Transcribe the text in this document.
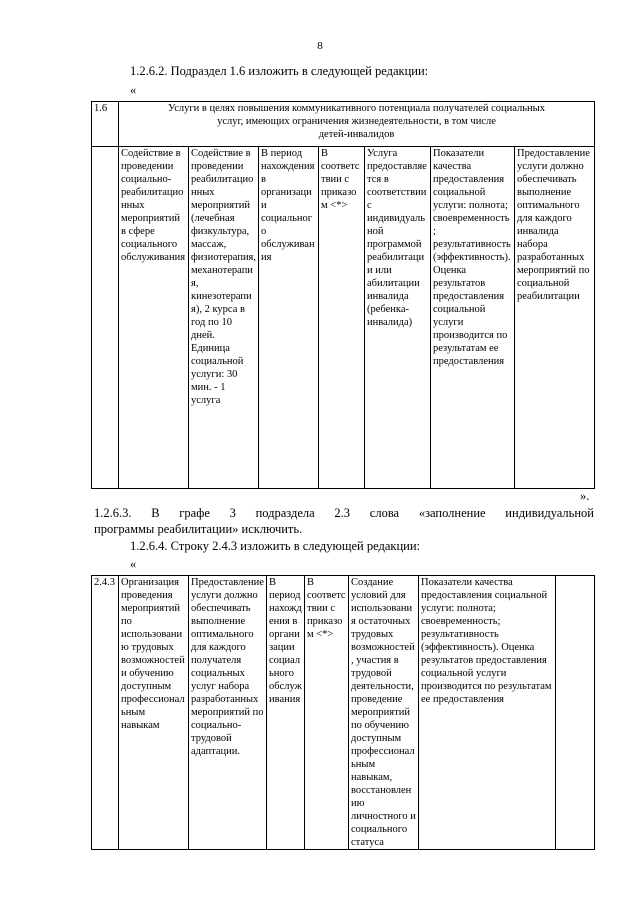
8
1.2.6.2. Подраздел 1.6 изложить в следующей редакции:
«
1.6	Услуги в целях повышения коммуникативного потенциала получателей социальных
услуг, имеющих ограничения жизнедеятельности, в том числе
детей-инвалидов						

	Содействие в проведении социально-реабилитационных мероприятий в сфере социального обслуживания	Содействие в проведении реабилитационных мероприятий (лечебная физкультура, массаж, физиотерапия, механотерапия, кинезотерапия), 2 курса в год по 10 дней. Единица социальной услуги: 30 мин. - 1 услуга	В период нахождения в организации социального обслуживания	В соответствии с приказом <*>	Услуга предоставляется в соответствии с индивидуальной программой реабилитации или абилитации инвалида (ребенка-инвалида)	Показатели качества предоставления социальной услуги: полнота; своевременность; результативность (эффективность). Оценка результатов предоставления социальной услуги производится по результатам ее предоставления	Предоставление услуги должно обеспечивать выполнение оптимального для каждого инвалида набора разработанных мероприятий по социальной реабилитации
».
1.2.6.3. В графе 3 подраздела 2.3 слова «заполнение индивидуальной
программы реабилитации» исключить.
1.2.6.4. Строку 2.4.3 изложить в следующей редакции:
«
2.4.3	Организация проведения мероприятий по использованию трудовых возможностей и обучению доступным профессиональным навыкам	Предоставление услуги должно обеспечивать выполнение оптимального для каждого получателя социальных услуг набора разработанных мероприятий по социально-трудовой адаптации.	В период нахождения в организации социального обслуживания	В соответствии с приказом <*>	Создание условий для использования остаточных трудовых возможностей, участия в трудовой деятельности, проведение мероприятий по обучению доступным профессиональным навыкам, восстановлению личностного и социального статуса	Показатели качества предоставления социальной услуги: полнота; своевременность; результативность (эффективность). Оценка результатов предоставления социальной услуги производится по результатам ее предоставления	
